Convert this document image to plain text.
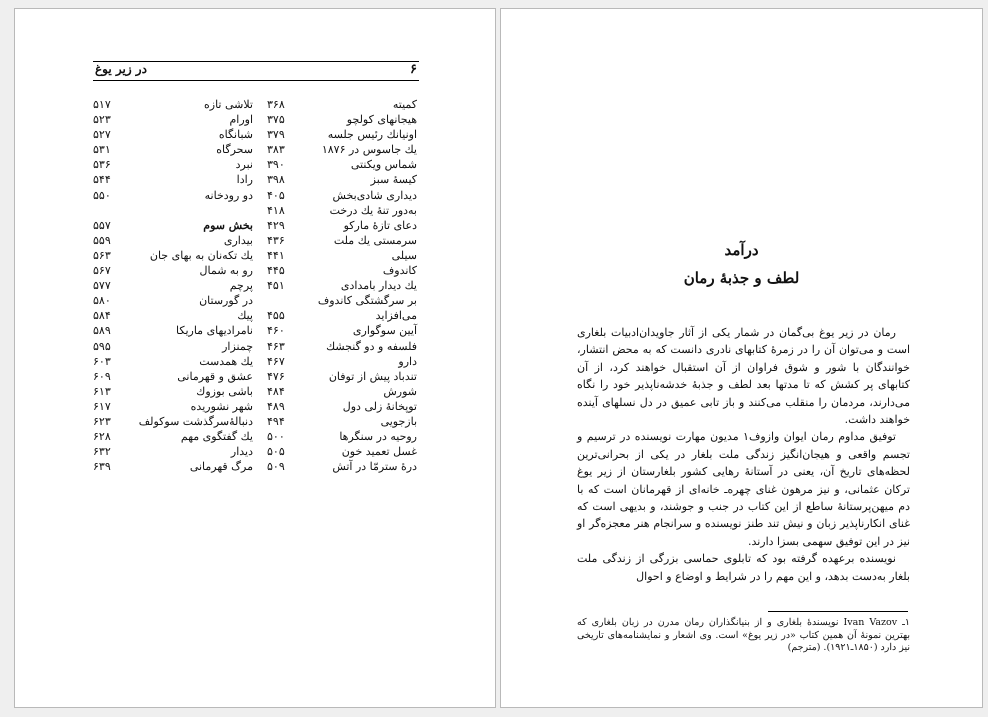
۶
در زیر یوغ
کمیته
۳۶۸
هیجانهای کولچو
۳۷۵
اونیانك رئیس جلسه
۳۷۹
يك جاسوس در ۱۸۷۶
۳۸۳
شماس ويکنتی
۳۹۰
کیسهٔ سبز
۳۹۸
دیداری شادی‌بخش
۴۰۵
به‌دور تنهٔ يك درخت
۴۱۸
دعای تازهٔ مارکو
۴۲۹
سرمستی يك ملت
۴۳۶
سیلی
۴۴۱
کاندوف
۴۴۵
يك ديدار بامدادی
۴۵۱
بر سرگشتگی کاندوف
می‌افزاید
۴۵۵
آیین سوگواری
۴۶۰
فلسفه و دو گنجشك
۴۶۳
دارو
۴۶۷
تندباد پیش از توفان
۴۷۶
شورش
۴۸۴
توپخانهٔ زلی دول
۴۸۹
بازجویی
۴۹۴
روحیه در سنگرها
۵۰۰
غسل تعمید خون
۵۰۵
درهٔ سترمّا در آتش
۵۰۹
تلاشی تازه
۵۱۷
اورام
۵۲۳
شبانگاه
۵۲۷
سحرگاه
۵۳۱
نبرد
۵۳۶
رادا
۵۴۴
دو رودخانه
۵۵۰
بخش سوم
۵۵۷
بیداری
۵۵۹
يك تکه‌نان به بهای جان
۵۶۳
رو به شمال
۵۶۷
پرچم
۵۷۷
در گورستان
۵۸۰
پیك
۵۸۴
نامرادیهای ماریکا
۵۸۹
چمنزار
۵۹۵
يك همدست
۶۰۳
عشق و قهرمانی
۶۰۹
باشی بوزوك
۶۱۳
شهر نشوریده
۶۱۷
دنبالهٔ‌سرگذشت سوکولف
۶۲۳
يك گفتگوی مهم
۶۲۸
دیدار
۶۳۲
مرگ قهرمانی
۶۳۹
درآمد
لطف و جذبهٔ رمان

رمان در زیر یوغ بی‌گمان در شمار یکی از آثار جاویدان‌ادبیات بلغاری است و می‌توان آن را در زمرهٔ کتابهای نادری دانست که به محض انتشار، خوانندگان با شور و شوق فراوان از آن استقبال خواهند کرد، از آن کتابهای پر کشش که تا مدتها بعد لطف و جذبهٔ خدشه‌ناپذیر خود را نگاه می‌دارند، مردمان را منقلب می‌کنند و باز تابی عمیق در دل نسلهای آینده خواهند داشت.

توفیق مداوم رمان ایوان وازوف۱ مدیون مهارت نویسنده در ترسیم و تجسم واقعی و هیجان‌انگیز زندگی ملت بلغار در یکی از بحرانی‌ترین لحظه‌های تاریخ آن، یعنی در آستانهٔ رهایی کشور بلغارستان از زیر یوغ ترکان عثمانی، و نیز مرهون غنای چهره‌ـ خانه‌ای از قهرمانان است که با دم میهن‌پرستانهٔ ساطع از این کتاب در جنب و جوشند، و بدیهی است که غنای انکارناپذیر زبان و نیش تند طنز نویسنده و سرانجام هنر معجزه‌گر او نیز در این توفیق سهمی بسزا دارند.

نویسنده برعهده گرفته بود که تابلوی حماسی بزرگی از زندگی ملت بلغار به‌دست بدهد، و این مهم را در شرایط و اوضاع و احوال

۱ـ Ivan Vazov نویسندهٔ بلغاری و از بنیانگذاران رمان مدرن در زبان بلغاری که بهترین نمونهٔ آن همین کتاب «در زیر یوغ» است. وی اشعار و نمایشنامه‌های تاریخی نیز دارد (۱۸۵۰ـ۱۹۲۱). (مترجم)
